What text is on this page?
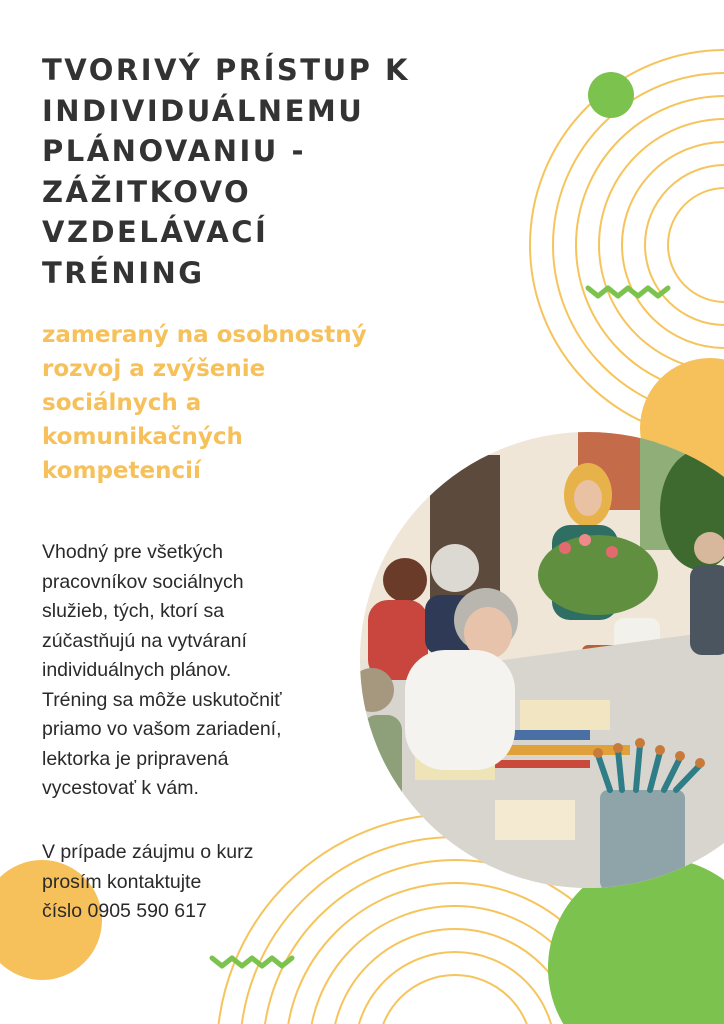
TVORIVÝ PRÍSTUP K
INDIVIDUÁLNEMU
PLÁNOVANIU -
ZÁŽITKOVO
VZDELÁVACÍ
TRÉNING

zameraný na osobnostný
rozvoj a zvýšenie
sociálnych a
komunikačných
kompetencií

Vhodný pre všetkých
pracovníkov sociálnych
služieb, tých, ktorí sa
zúčastňujú na vytváraní
individuálnych plánov.
Tréning sa môže uskutočniť
priamo vo vašom zariadení,
lektorka je pripravená
vycestovať k vám.

V prípade záujmu o kurz
prosím kontaktujte
číslo 0905 590 617
